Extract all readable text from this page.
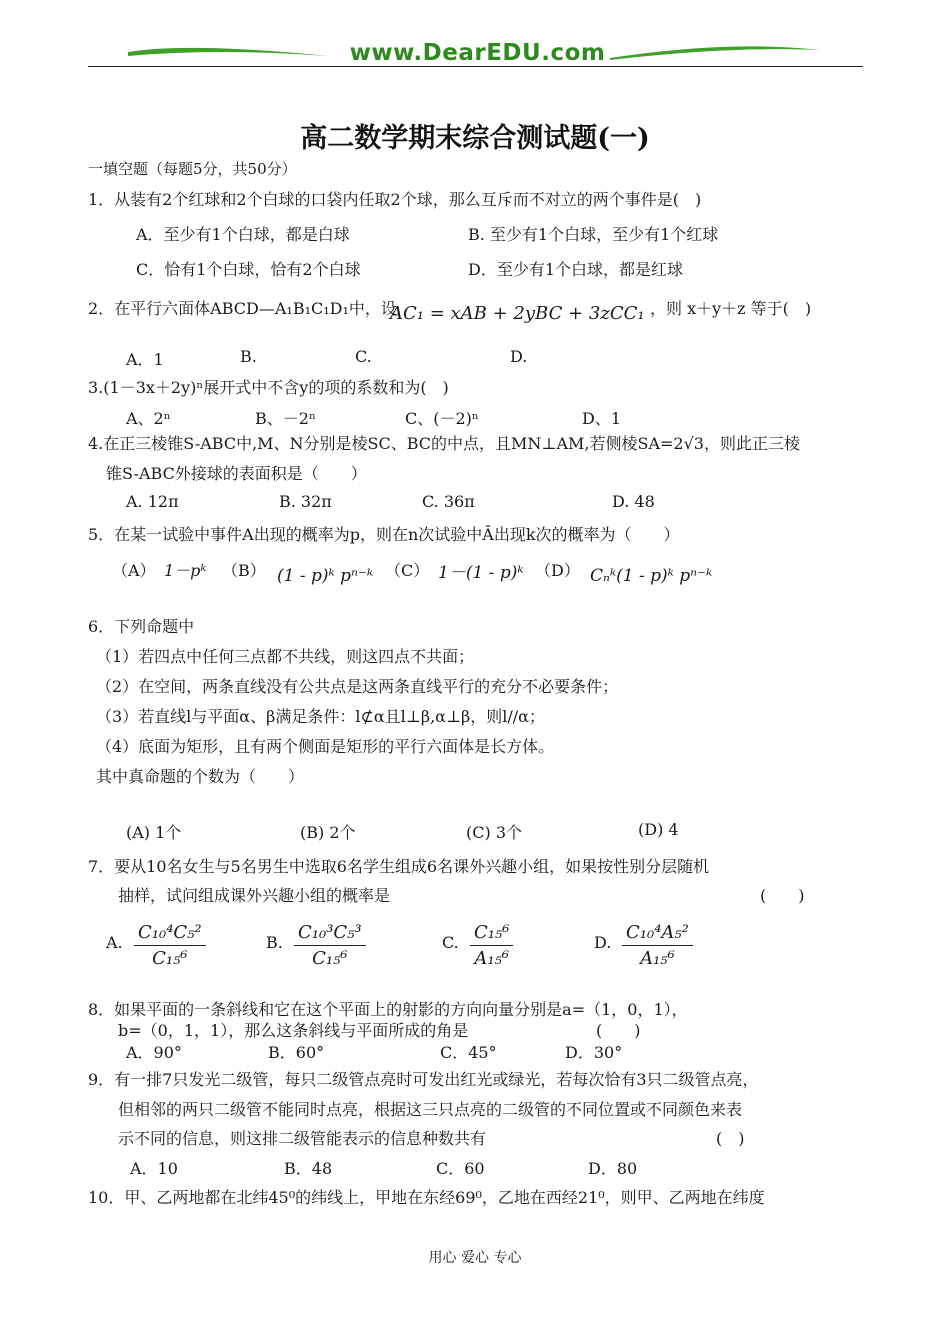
www.DearEDU.com
高二数学期末综合测试题(一)
一填空题（每题5分，共50分）
1．从装有2个红球和2个白球的口袋内任取2个球，那么互斥而不对立的两个事件是(　)
A．至少有1个白球，都是白球	B. 至少有1个白球，至少有1个红球
C．恰有1个白球，恰有2个白球	D．至少有1个白球，都是红球
2．在平行六面体ABCD—A₁B₁C₁D₁中，设
AC₁ = xAB + 2yBC + 3zCC₁ ，则 x＋y＋z 等于(　)
A．1	B.	C.	D.
3.(1－3x＋2y)ⁿ展开式中不含y的项的系数和为(　)
A、2ⁿ	B、－2ⁿ	C、(－2)ⁿ	D、1
4.在正三棱锥S-ABC中,M、N分别是棱SC、BC的中点，且MN⊥AM,若侧棱SA=2√3，则此正三棱
锥S-ABC外接球的表面积是（　　）
A. 12π	B. 32π	C. 36π	D. 48
5．在某一试验中事件A出现的概率为p，则在n次试验中Ā出现k次的概率为（　　）
（A） 1－pᵏ （B） (1 - p)ᵏ pⁿ⁻ᵏ （C） 1－(1 - p)ᵏ （D） Cₙᵏ(1 - p)ᵏ pⁿ⁻ᵏ
6．下列命题中
（1）若四点中任何三点都不共线，则这四点不共面；
（2）在空间，两条直线没有公共点是这两条直线平行的充分不必要条件；
（3）若直线l与平面α、β满足条件：l⊄α且l⊥β,α⊥β，则l//α；
（4）底面为矩形，且有两个侧面是矩形的平行六面体是长方体。
其中真命题的个数为（　　）
(A) 1个	(B) 2个	(C) 3个	(D) 4
7．要从10名女生与5名男生中选取6名学生组成6名课外兴趣小组，如果按性别分层随机
抽样，试问组成课外兴趣小组的概率是	(　　)
A. $\frac{\text{C₁₀⁴C₅²}}{\text{C₁₅⁶}}$	B. $\frac{\text{C₁₀³C₅³}}{\text{C₁₅⁶}}$	C. $\frac{\text{C₁₅⁶}}{\text{A₁₅⁶}}$	D. $\frac{\text{C₁₀⁴A₅²}}{\text{A₁₅⁶}}$
8．如果平面的一条斜线和它在这个平面上的射影的方向向量分别是a=（1，0，1），
b=（0，1，1），那么这条斜线与平面所成的角是	(　　)
A．90°	B．60°	C．45°	D．30°
9．有一排7只发光二级管，每只二级管点亮时可发出红光或绿光，若每次恰有3只二级管点亮，
但相邻的两只二级管不能同时点亮，根据这三只点亮的二级管的不同位置或不同颜色来表
示不同的信息，则这排二级管能表示的信息种数共有	(　)
A．10	B．48	C．60	D．80
10．甲、乙两地都在北纬45⁰的纬线上，甲地在东经69⁰，乙地在西经21⁰，则甲、乙两地在纬度
用心 爱心 专心
